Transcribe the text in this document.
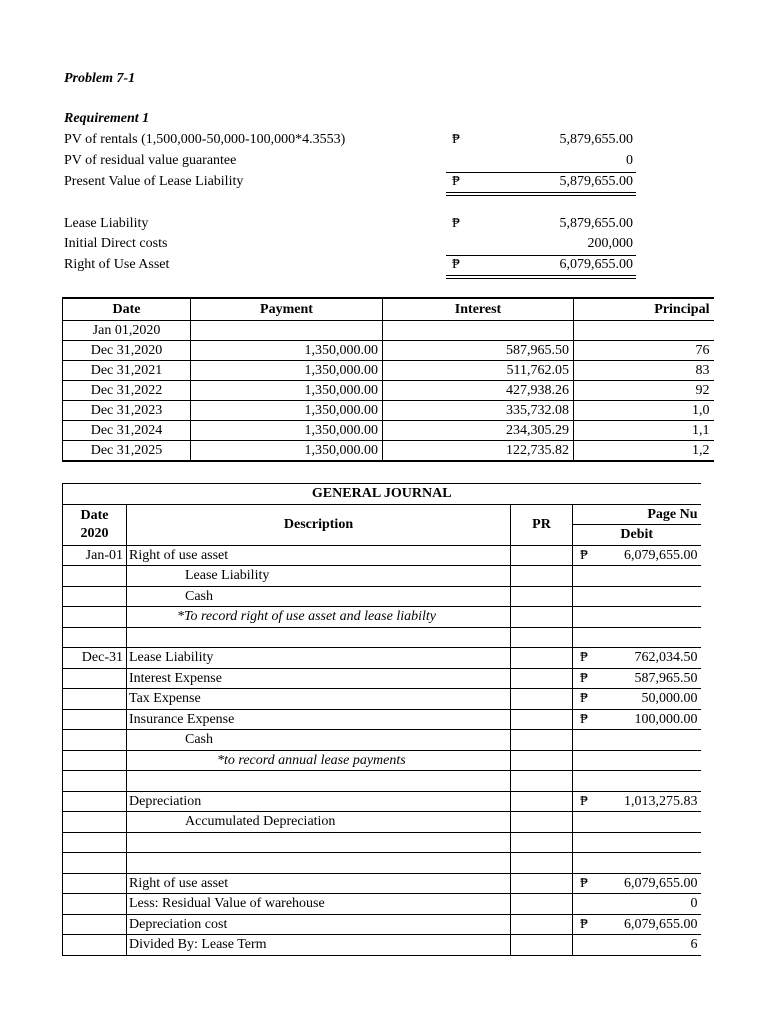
Problem 7-1
Requirement 1
PV of rentals (1,500,000-50,000-100,000*4.3553)	₱	5,879,655.00
PV of residual value guarantee	0
Present Value of Lease Liability	₱	5,879,655.00
Lease Liability	₱	5,879,655.00
Initial Direct costs	200,000
Right of Use Asset	₱	6,079,655.00
Date	Payment	Interest	Principal
Jan 01,2020			
Dec 31,2020	1,350,000.00	587,965.50	76
Dec 31,2021	1,350,000.00	511,762.05	83
Dec 31,2022	1,350,000.00	427,938.26	92
Dec 31,2023	1,350,000.00	335,732.08	1,0
Dec 31,2024	1,350,000.00	234,305.29	1,1
Dec 31,2025	1,350,000.00	122,735.82	1,2
GENERAL JOURNAL			

Date
2020	Description	PR	Page Nu
			Debit
Jan-01	Right of use asset		₱ 6,079,655.00

	Lease Liability		

	Cash		

	*To record right of use asset and lease liabilty		

Dec-31	Lease Liability		₱ 762,034.50

	Interest Expense		₱ 587,965.50

	Tax Expense		₱ 50,000.00

	Insurance Expense		₱ 100,000.00

	Cash		

	*to record annual lease payments		

	Depreciation		₱ 1,013,275.83

	Accumulated Depreciation		

	Right of use asset		₱ 6,079,655.00

	Less: Residual Value of warehouse		0

	Depreciation cost		₱ 6,079,655.00

	Divided By: Lease Term		6
